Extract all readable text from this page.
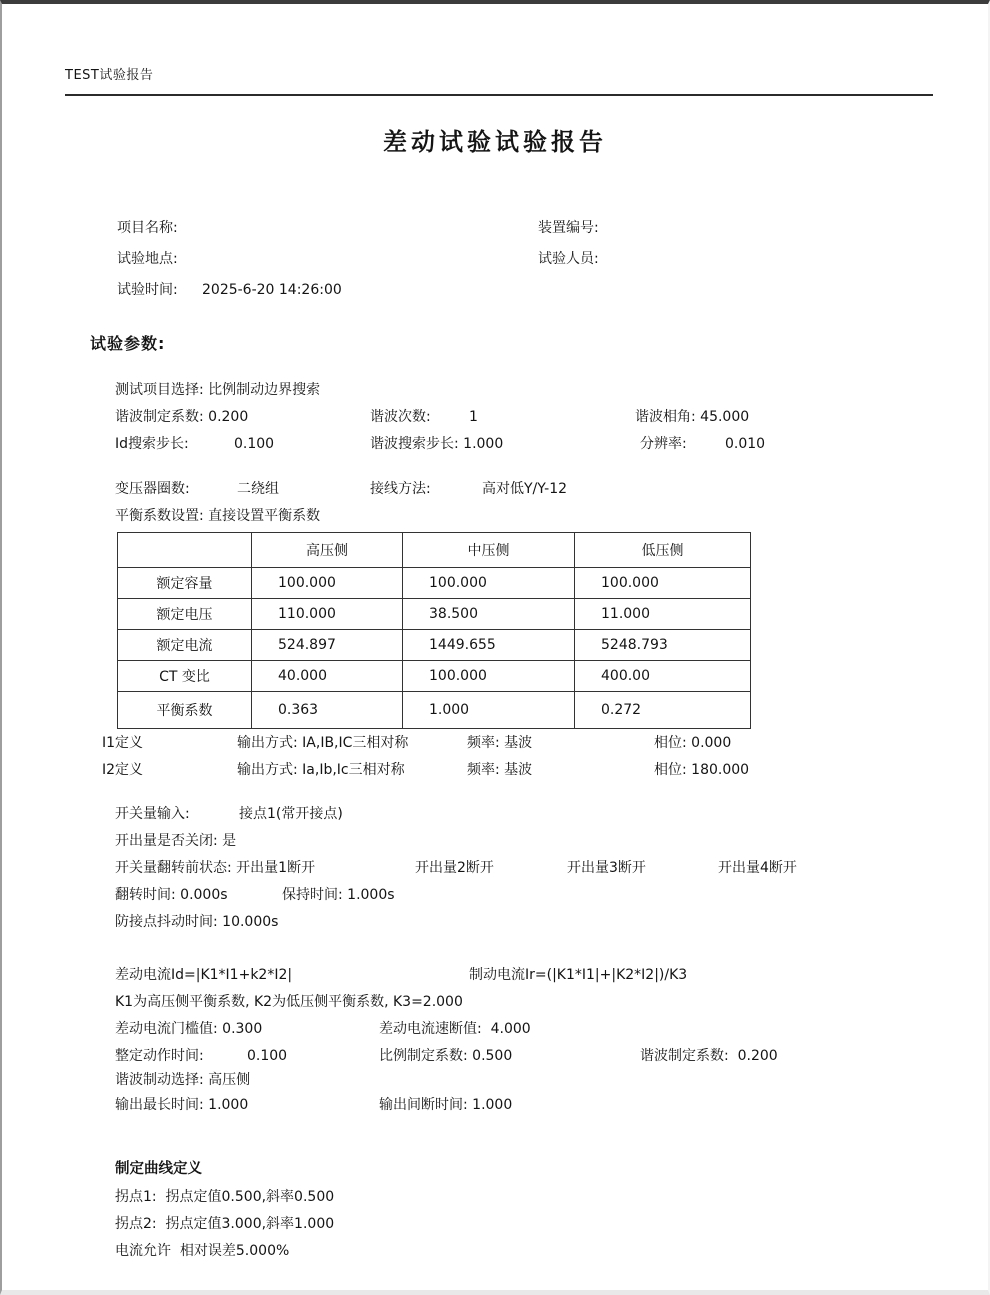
TEST试验报告
差动试验试验报告
项目名称:	装置编号:
试验地点:	试验人员:
试验时间: 2025-6-20 14:26:00
试验参数:
测试项目选择: 比例制动边界搜索
谐波制定系数: 0.200	谐波次数:	1	谐波相角: 45.000
Id搜索步长:	0.100	谐波搜索步长: 1.000	分辨率:	0.010
变压器圈数:	二绕组	接线方法:	高对低Y/Y-12
平衡系数设置: 直接设置平衡系数
	高压侧	中压侧	低压侧
额定容量	100.000	100.000	100.000
额定电压	110.000	38.500	11.000
额定电流	524.897	1449.655	5248.793
CT 变比	40.000	100.000	400.00
平衡系数	0.363	1.000	0.272
I1定义	输出方式: IA,IB,IC三相对称	频率: 基波	相位: 0.000
I2定义	输出方式: Ia,Ib,Ic三相对称	频率: 基波	相位: 180.000
开关量输入:	接点1(常开接点)
开出量是否关闭: 是
开关量翻转前状态: 开出量1断开	开出量2断开	开出量3断开	开出量4断开
翻转时间: 0.000s	保持时间: 1.000s
防接点抖动时间: 10.000s
差动电流Id=|K1*I1+k2*I2|	制动电流Ir=(|K1*I1|+|K2*I2|)/K3
K1为高压侧平衡系数, K2为低压侧平衡系数, K3=2.000
差动电流门槛值: 0.300	差动电流速断值:  4.000
整定动作时间:	0.100	比例制定系数: 0.500	谐波制定系数:  0.200
谐波制动选择: 高压侧
输出最长时间: 1.000	输出间断时间: 1.000
制定曲线定义
拐点1:  拐点定值0.500,斜率0.500
拐点2:  拐点定值3.000,斜率1.000
电流允许  相对误差5.000%
